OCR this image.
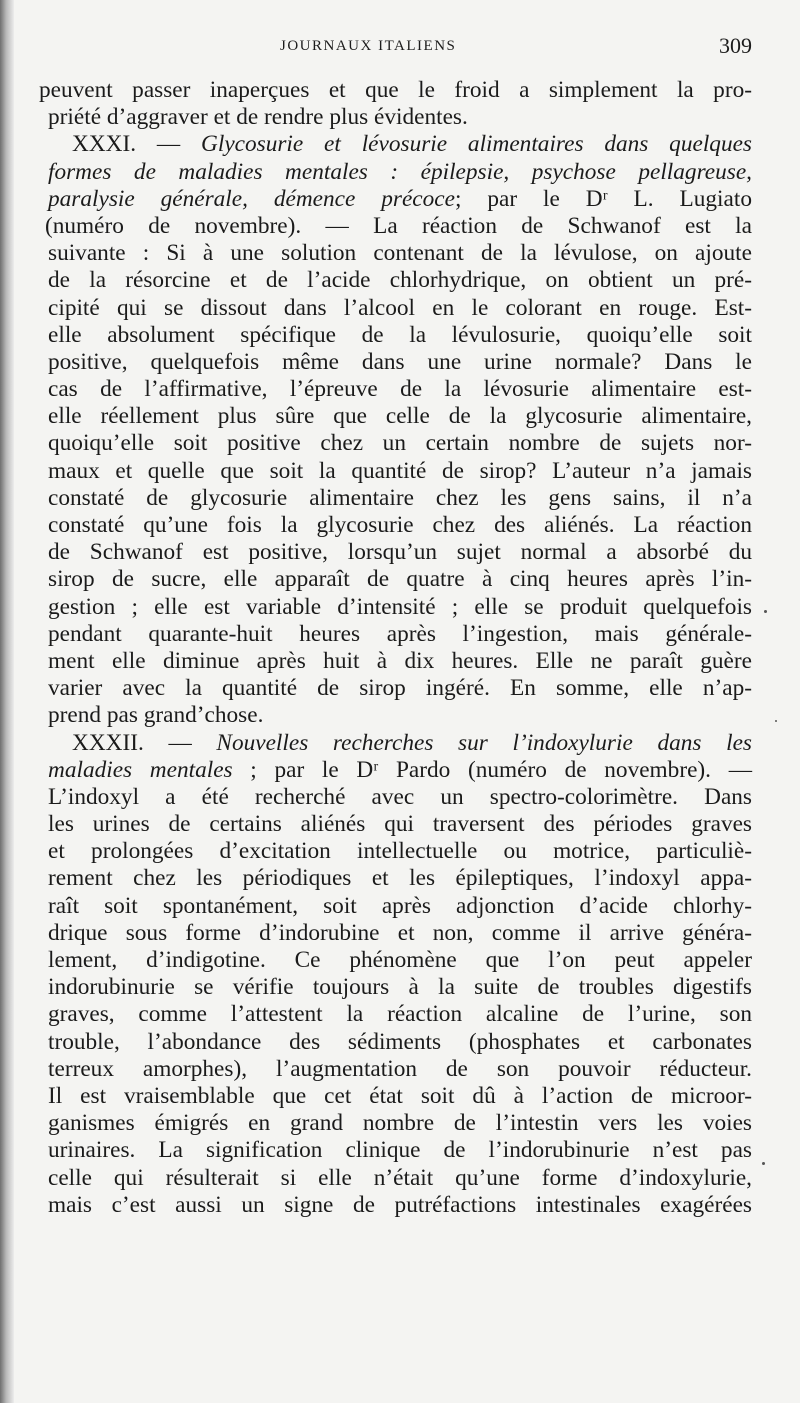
JOURNAUX ITALIENS	309
peuvent passer inaperçues et que le froid a simplement la pro-
priété d’aggraver et de rendre plus évidentes.
XXXI. — Glycosurie et lévosurie alimentaires dans quelques
formes de maladies mentales : épilepsie, psychose pellagreuse,
paralysie générale, démence précoce; par le Dʳ L. Lugiato
(numéro de novembre). — La réaction de Schwanof est la
suivante : Si à une solution contenant de la lévulose, on ajoute
de la résorcine et de l’acide chlorhydrique, on obtient un pré-
cipité qui se dissout dans l’alcool en le colorant en rouge. Est-
elle absolument spécifique de la lévulosurie, quoiqu’elle soit
positive, quelquefois même dans une urine normale? Dans le
cas de l’affirmative, l’épreuve de la lévosurie alimentaire est-
elle réellement plus sûre que celle de la glycosurie alimentaire,
quoiqu’elle soit positive chez un certain nombre de sujets nor-
maux et quelle que soit la quantité de sirop? L’auteur n’a jamais
constaté de glycosurie alimentaire chez les gens sains, il n’a
constaté qu’une fois la glycosurie chez des aliénés. La réaction
de Schwanof est positive, lorsqu’un sujet normal a absorbé du
sirop de sucre, elle apparaît de quatre à cinq heures après l’in-
gestion ; elle est variable d’intensité ; elle se produit quelquefois
pendant quarante-huit heures après l’ingestion, mais générale-
ment elle diminue après huit à dix heures. Elle ne paraît guère
varier avec la quantité de sirop ingéré. En somme, elle n’ap-
prend pas grand’chose.
XXXII. — Nouvelles recherches sur l’indoxylurie dans les
maladies mentales ; par le Dʳ Pardo (numéro de novembre). —
L’indoxyl a été recherché avec un spectro-colorimètre. Dans
les urines de certains aliénés qui traversent des périodes graves
et prolongées d’excitation intellectuelle ou motrice, particuliè-
rement chez les périodiques et les épileptiques, l’indoxyl appa-
raît soit spontanément, soit après adjonction d’acide chlorhy-
drique sous forme d’indorubine et non, comme il arrive généra-
lement, d’indigotine. Ce phénomène que l’on peut appeler
indorubinurie se vérifie toujours à la suite de troubles digestifs
graves, comme l’attestent la réaction alcaline de l’urine, son
trouble, l’abondance des sédiments (phosphates et carbonates
terreux amorphes), l’augmentation de son pouvoir réducteur.
Il est vraisemblable que cet état soit dû à l’action de microor-
ganismes émigrés en grand nombre de l’intestin vers les voies
urinaires. La signification clinique de l’indorubinurie n’est pas
celle qui résulterait si elle n’était qu’une forme d’indoxylurie,
mais c’est aussi un signe de putréfactions intestinales exagérées
